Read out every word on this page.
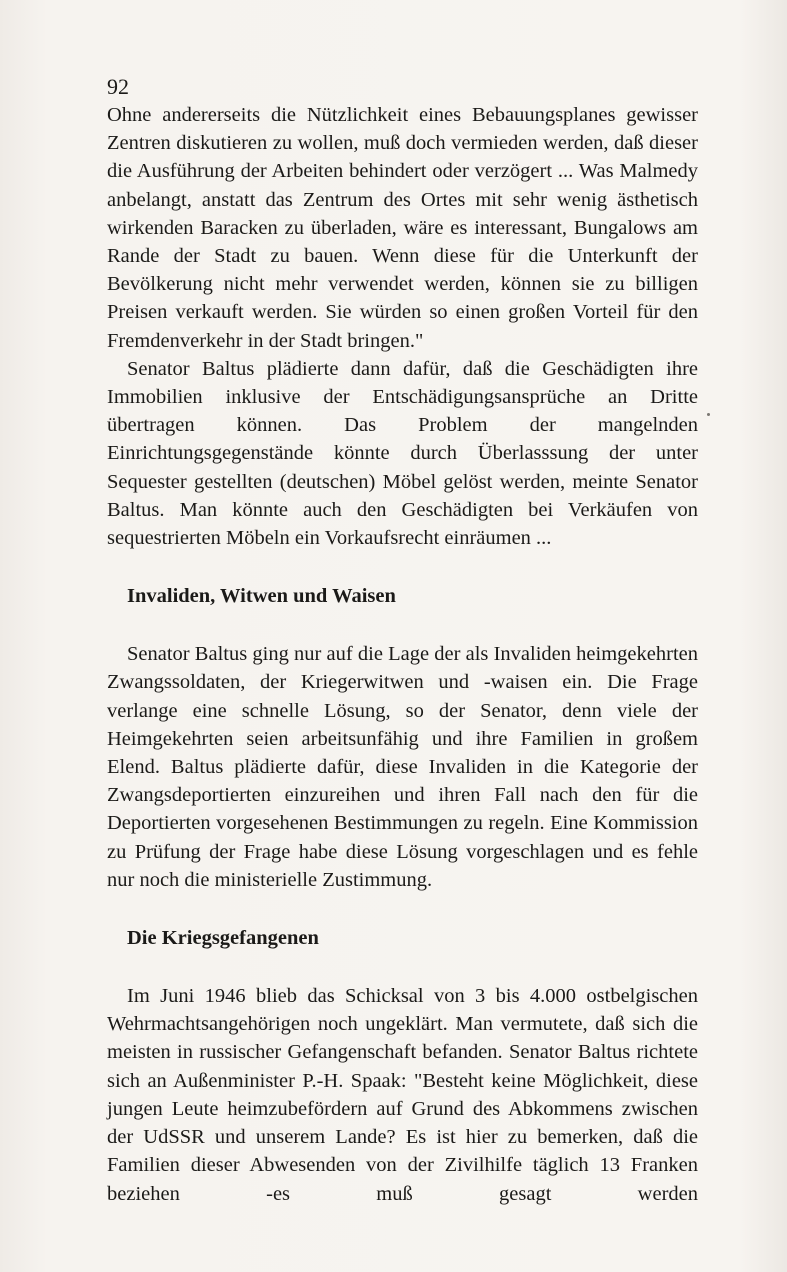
92

Ohne andererseits die Nützlichkeit eines Bebauungsplanes gewisser Zentren diskutieren zu wollen, muß doch vermieden werden, daß dieser die Ausführung der Arbeiten behindert oder verzögert ... Was Malmedy anbelangt, anstatt das Zentrum des Ortes mit sehr wenig ästhetisch wirkenden Baracken zu überladen, wäre es interessant, Bungalows am Rande der Stadt zu bauen. Wenn diese für die Unterkunft der Bevölkerung nicht mehr verwendet werden, können sie zu billigen Preisen verkauft werden. Sie würden so einen großen Vorteil für den Fremdenverkehr in der Stadt bringen."

Senator Baltus plädierte dann dafür, daß die Geschädigten ihre Immobilien inklusive der Entschädigungsansprüche an Dritte übertragen können. Das Problem der mangelnden Einrichtungsgegenstände könnte durch Überlasssung der unter Sequester gestellten (deutschen) Möbel gelöst werden, meinte Senator Baltus. Man könnte auch den Geschädigten bei Verkäufen von sequestrierten Möbeln ein Vorkaufsrecht einräumen ...

Invaliden, Witwen und Waisen

Senator Baltus ging nur auf die Lage der als Invaliden heimgekehrten Zwangssoldaten, der Kriegerwitwen und -waisen ein. Die Frage verlange eine schnelle Lösung, so der Senator, denn viele der Heimgekehrten seien arbeitsunfähig und ihre Familien in großem Elend. Baltus plädierte dafür, diese Invaliden in die Kategorie der Zwangsdeportierten einzureihen und ihren Fall nach den für die Deportierten vorgesehenen Bestimmungen zu regeln. Eine Kommission zu Prüfung der Frage habe diese Lösung vorgeschlagen und es fehle nur noch die ministerielle Zustimmung.

Die Kriegsgefangenen

Im Juni 1946 blieb das Schicksal von 3 bis 4.000 ostbelgischen Wehrmachtsangehörigen noch ungeklärt. Man vermutete, daß sich die meisten in russischer Gefangenschaft befanden. Senator Baltus richtete sich an Außenminister P.-H. Spaak: "Besteht keine Möglichkeit, diese jungen Leute heimzubefördern auf Grund des Abkommens zwischen der UdSSR und unserem Lande? Es ist hier zu bemerken, daß die Familien dieser Abwesenden von der Zivilhilfe täglich 13 Franken beziehen -es muß gesagt werden
